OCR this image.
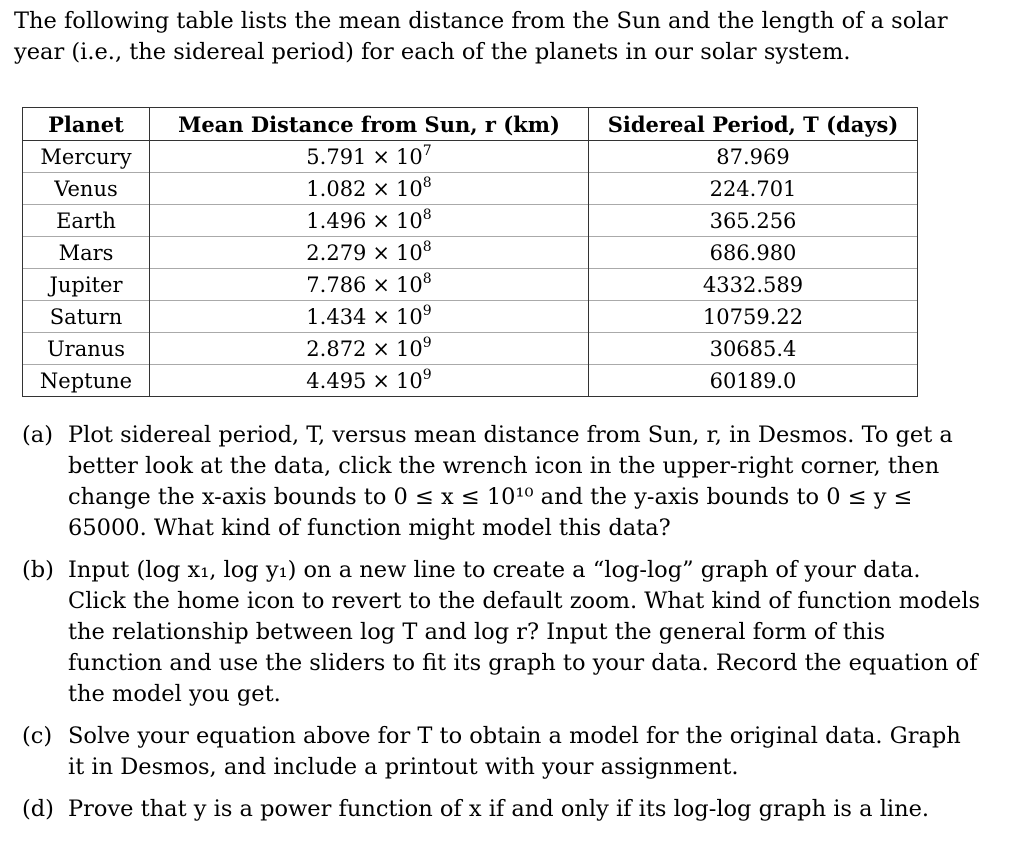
The following table lists the mean distance from the Sun and the length of a solar year (i.e., the sidereal period) for each of the planets in our solar system.
Planet	Mean Distance from Sun, r (km)	Sidereal Period, T (days)
Mercury	$5.791 \times 10^7$	87.969
Venus	$1.082 \times 10^8$	224.701
Earth	$1.496 \times 10^8$	365.256
Mars	$2.279 \times 10^8$	686.980
Jupiter	$7.786 \times 10^8$	4332.589
Saturn	$1.434 \times 10^9$	10759.22
Uranus	$2.872 \times 10^9$	30685.4
Neptune	$4.495 \times 10^9$	60189.0
(a) Plot sidereal period, T, versus mean distance from Sun, r, in Desmos. To get a better look at the data, click the wrench icon in the upper-right corner, then change the x-axis bounds to 0 ≤ x ≤ 10¹⁰ and the y-axis bounds to 0 ≤ y ≤ 65000. What kind of function might model this data?
(b) Input (log x₁, log y₁) on a new line to create a “log-log” graph of your data. Click the home icon to revert to the default zoom. What kind of function models the relationship between log T and log r? Input the general form of this function and use the sliders to fit its graph to your data. Record the equation of the model you get.
(c) Solve your equation above for T to obtain a model for the original data. Graph it in Desmos, and include a printout with your assignment.
(d) Prove that y is a power function of x if and only if its log-log graph is a line.
